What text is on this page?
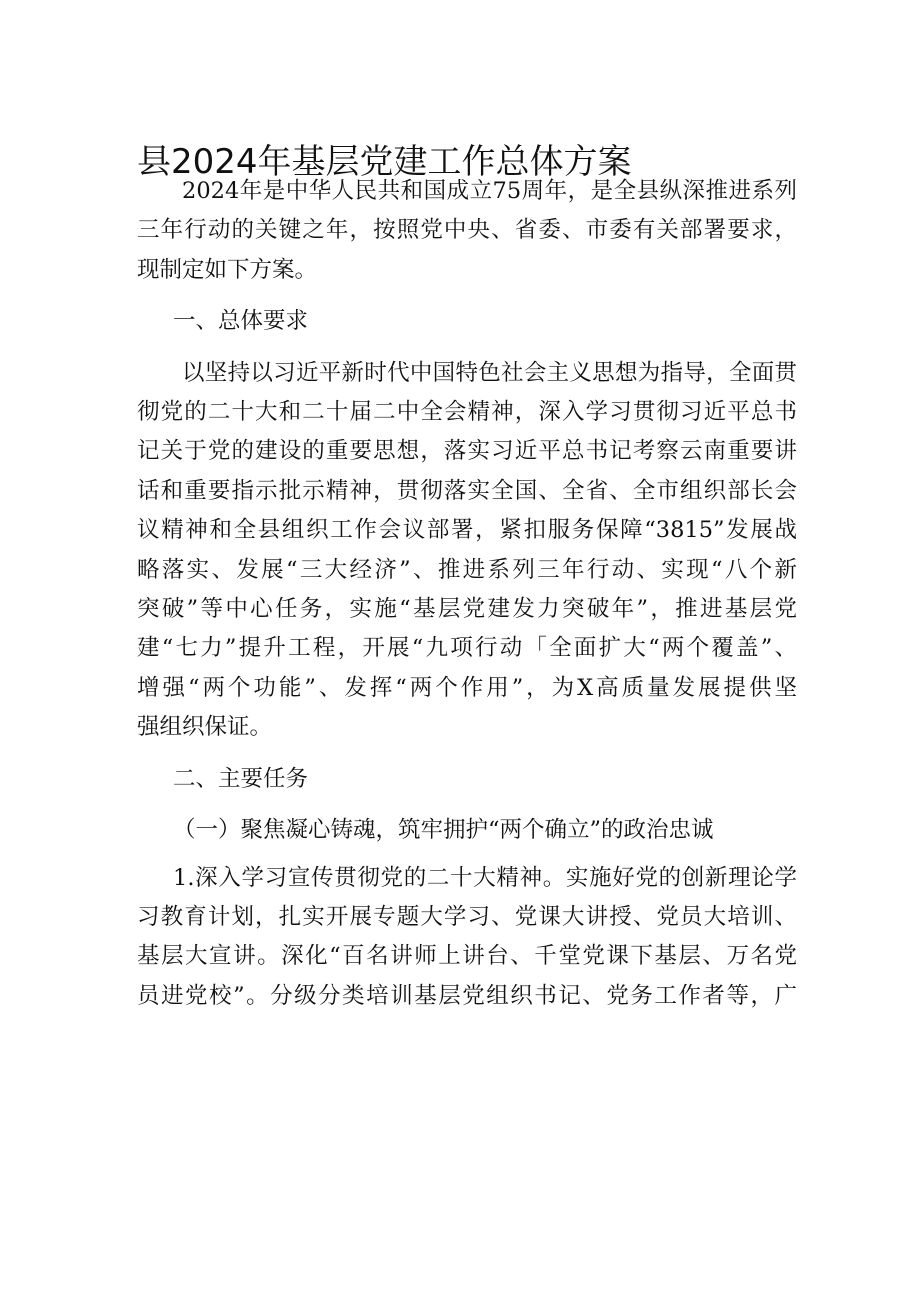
县2024年基层党建工作总体方案

2024年是中华人民共和国成立75周年，是全县纵深推进系列
三年行动的关键之年，按照党中央、省委、市委有关部署要求，
现制定如下方案。

一、总体要求

以坚持以习近平新时代中国特色社会主义思想为指导，全面贯
彻党的二十大和二十届二中全会精神，深入学习贯彻习近平总书
记关于党的建设的重要思想，落实习近平总书记考察云南重要讲
话和重要指示批示精神，贯彻落实全国、全省、全市组织部长会
议精神和全县组织工作会议部署，紧扣服务保障“3815”发展战
略落实、发展“三大经济”、推进系列三年行动、实现“八个新
突破”等中心任务，实施“基层党建发力突破年”，推进基层党
建“七力”提升工程，开展“九项行动「全面扩大“两个覆盖”、
增强“两个功能”、发挥“两个作用”，为X高质量发展提供坚
强组织保证。

二、主要任务

（一）聚焦凝心铸魂，筑牢拥护“两个确立”的政治忠诚

1.深入学习宣传贯彻党的二十大精神。实施好党的创新理论学
习教育计划，扎实开展专题大学习、党课大讲授、党员大培训、
基层大宣讲。深化“百名讲师上讲台、千堂党课下基层、万名党
员进党校”。分级分类培训基层党组织书记、党务工作者等，广
